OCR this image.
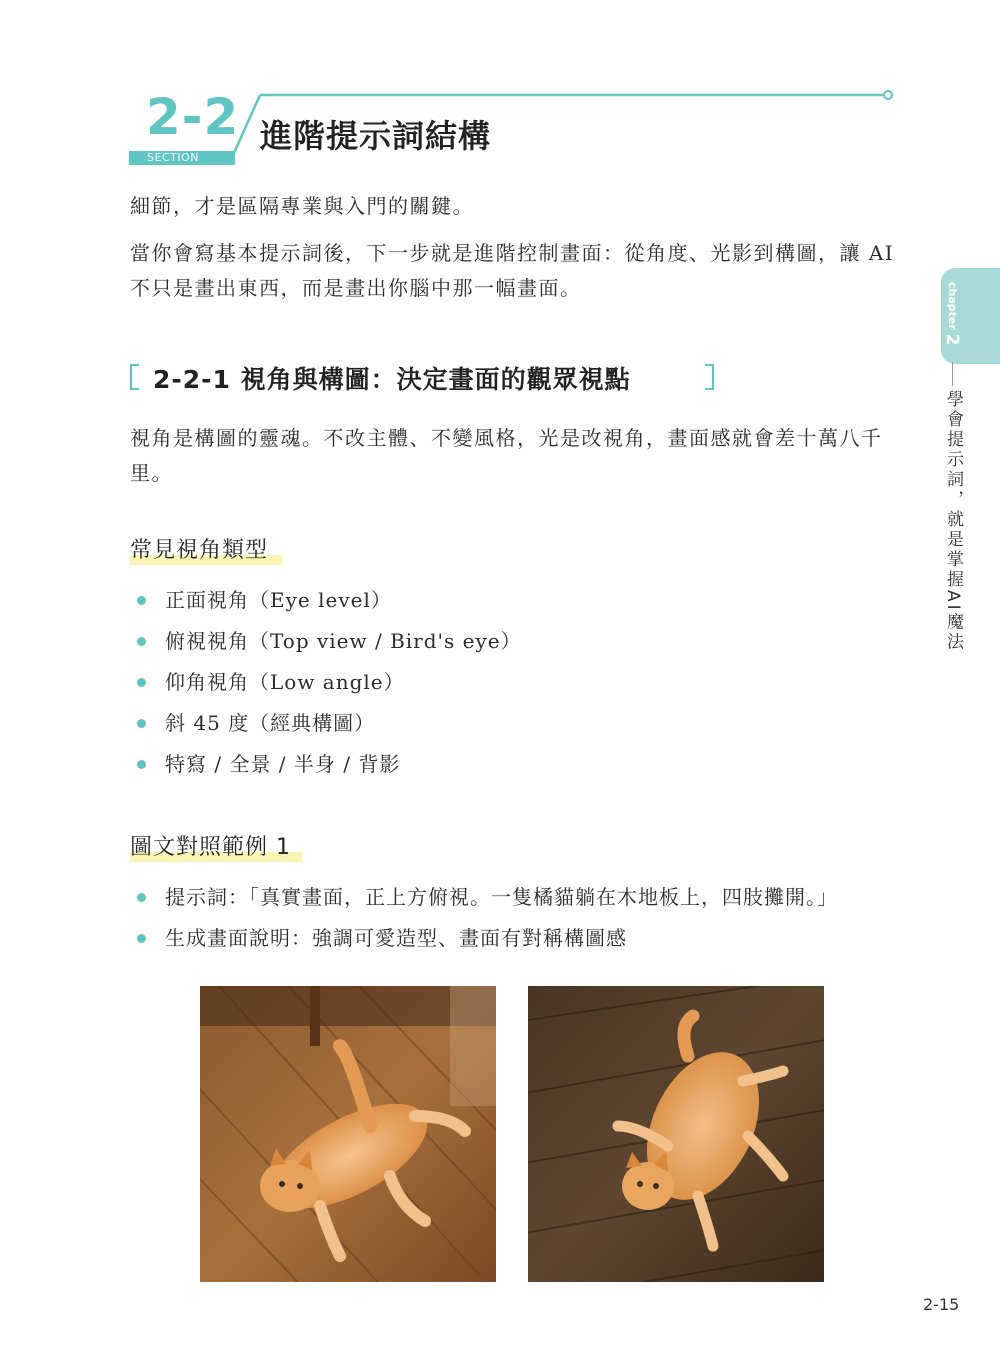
2-2
SECTION
進階提示詞結構
細節，才是區隔專業與入門的關鍵。
當你會寫基本提示詞後，下一步就是進階控制畫面：從角度、光影到構圖，讓 AI 不只是畫出東西，而是畫出你腦中那一幅畫面。
2-2-1 視角與構圖：決定畫面的觀眾視點
視角是構圖的靈魂。不改主體、不變風格，光是改視角，畫面感就會差十萬八千里。
常見視角類型
正面視角（Eye level）
俯視視角（Top view / Bird's eye）
仰角視角（Low angle）
斜 45 度（經典構圖）
特寫 / 全景 / 半身 / 背影
圖文對照範例 1
提示詞：「真實畫面，正上方俯視。一隻橘貓躺在木地板上，四肢攤開。」
生成畫面說明：強調可愛造型、畫面有對稱構圖感
chapter 2
學會提示詞，就是掌握AI魔法
2-15
